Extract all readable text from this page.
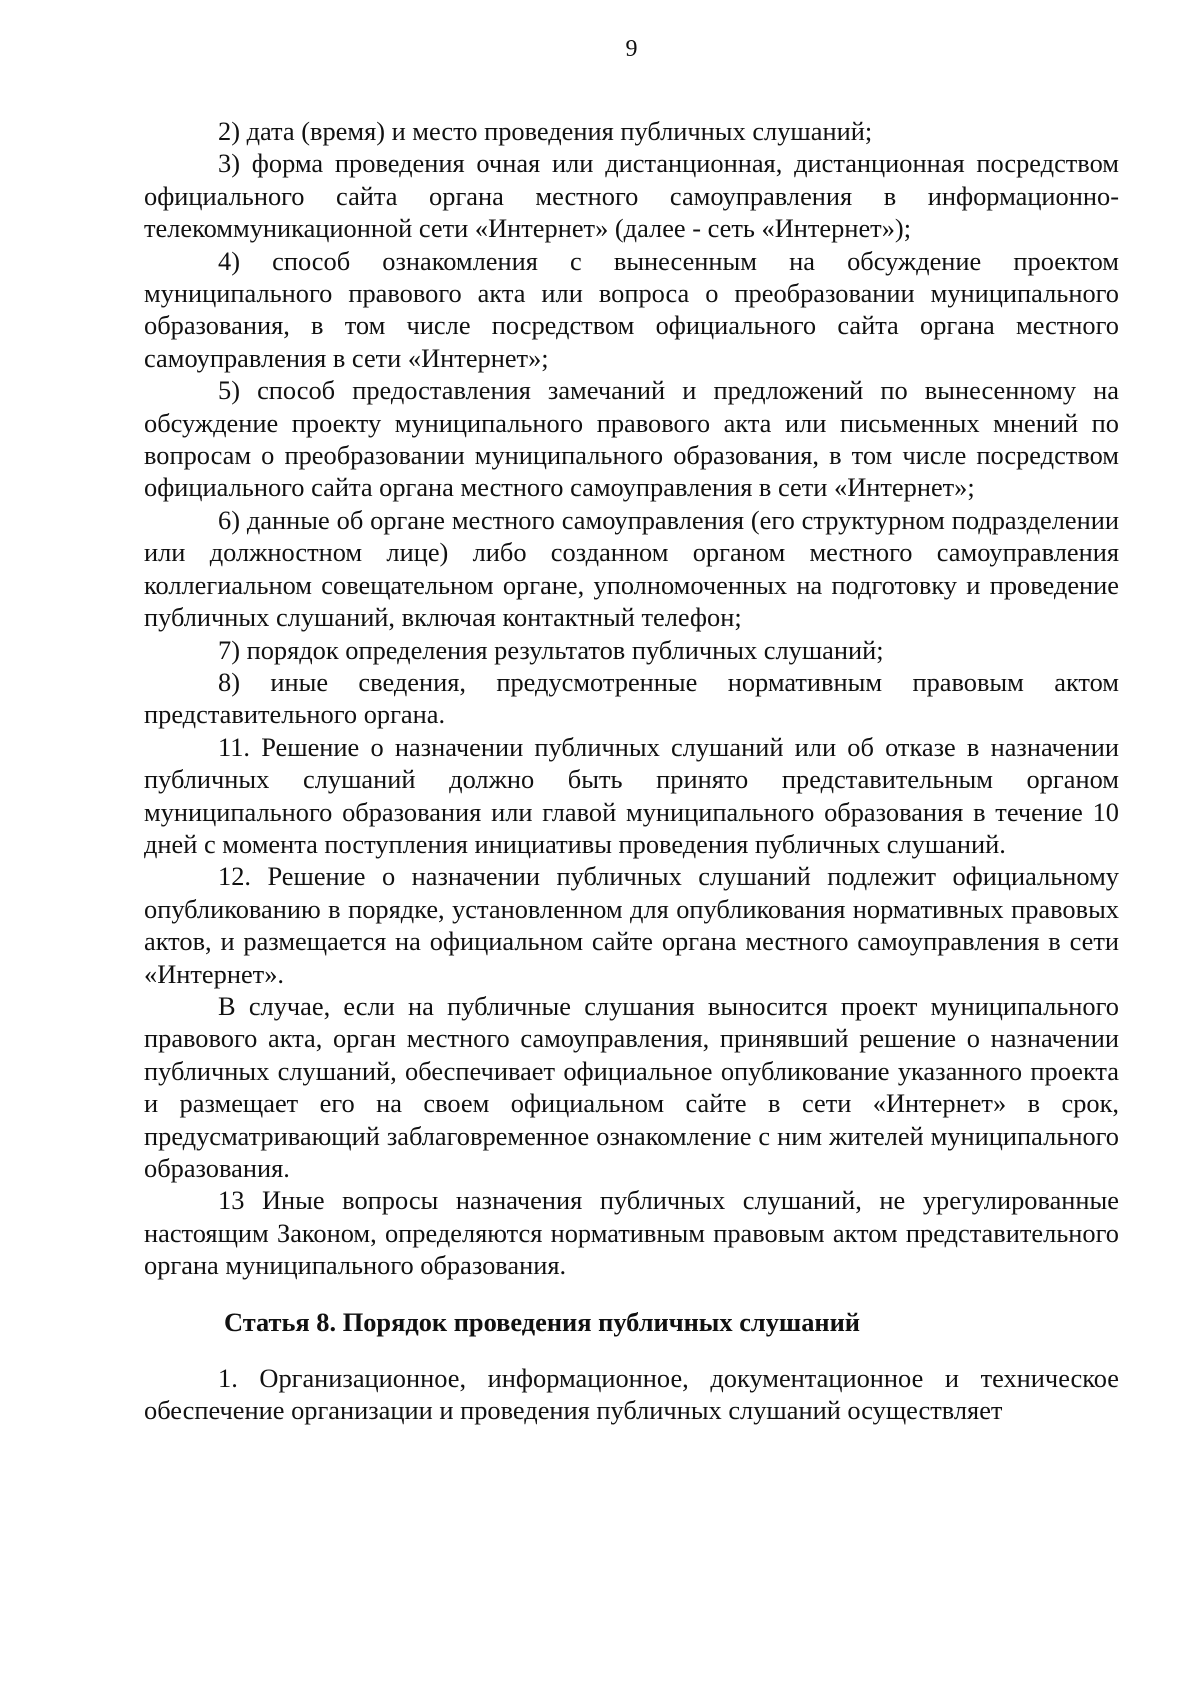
9

2) дата (время) и место проведения публичных слушаний;

3) форма проведения очная или дистанционная, дистанционная посредством официального сайта органа местного самоуправления в информационно-телекоммуникационной сети «Интернет» (далее - сеть «Интернет»);

4) способ ознакомления с вынесенным на обсуждение проектом муниципального правового акта или вопроса о преобразовании муниципального образования, в том числе посредством официального сайта органа местного самоуправления в сети «Интернет»;

5) способ предоставления замечаний и предложений по вынесенному на обсуждение проекту муниципального правового акта или письменных мнений по вопросам о преобразовании муниципального образования, в том числе посредством официального сайта органа местного самоуправления в сети «Интернет»;

6) данные об органе местного самоуправления (его структурном подразделении или должностном лице) либо созданном органом местного самоуправления коллегиальном совещательном органе, уполномоченных на подготовку и проведение публичных слушаний, включая контактный телефон;

7) порядок определения результатов публичных слушаний;

8) иные сведения, предусмотренные нормативным правовым актом представительного органа.

11. Решение о назначении публичных слушаний или об отказе в назначении публичных слушаний должно быть принято представительным органом муниципального образования или главой муниципального образования в течение 10 дней с момента поступления инициативы проведения публичных слушаний.

12. Решение о назначении публичных слушаний подлежит официальному опубликованию в порядке, установленном для опубликования нормативных правовых актов, и размещается на официальном сайте органа местного самоуправления в сети «Интернет».

В случае, если на публичные слушания выносится проект муниципального правового акта, орган местного самоуправления, принявший решение о назначении публичных слушаний, обеспечивает официальное опубликование указанного проекта и размещает его на своем официальном сайте в сети «Интернет» в срок, предусматривающий заблаговременное ознакомление с ним жителей муниципального образования.

13 Иные вопросы назначения публичных слушаний, не урегулированные настоящим Законом, определяются нормативным правовым актом представительного органа муниципального образования.

Статья 8. Порядок проведения публичных слушаний

1. Организационное, информационное, документационное и техническое обеспечение организации и проведения публичных слушаний осуществляет
